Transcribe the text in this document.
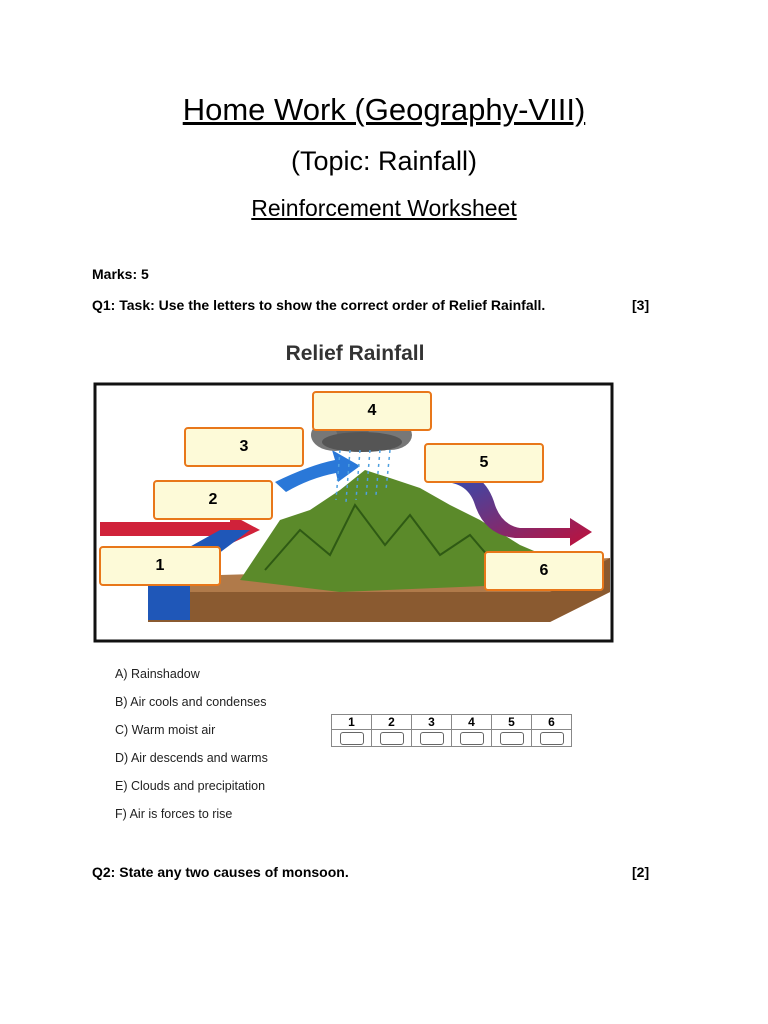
Home Work (Geography-VIII)
(Topic: Rainfall)
Reinforcement Worksheet
Marks: 5
Q1: Task: Use the letters to show the correct order of Relief Rainfall.	[3]
Relief Rainfall
1
2
3
4
5
6
A) Rainshadow
B) Air cools and condenses
C) Warm moist air
D) Air descends and warms
E) Clouds and precipitation
F) Air is forces to rise
1	2	3	4	5	6

Q2: State any two causes of monsoon.	[2]
